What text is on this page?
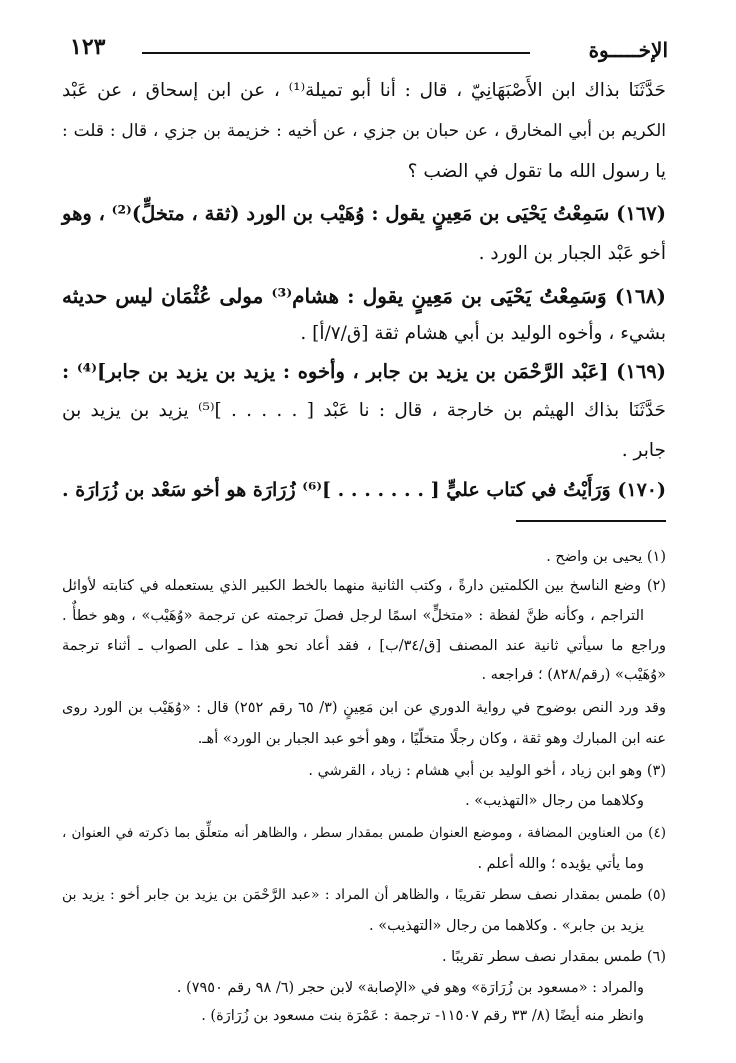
الإخـــــوة
١٢٣
حَدَّثَنَا بذاك ابن الأَصْبَهَانِيّ ، قال : أنا أبو تميلة⁽¹⁾ ، عن ابن إسحاق ، عن عَبْد
الكريم بن أبي المخارق ، عن حبان بن جزي ، عن أخيه : خزيمة بن جزي ، قال : قلت :
يا رسول الله ما تقول في الضب ؟
(١٦٧) سَمِعْتُ يَحْيَى بن مَعِينٍ يقول : وُهَيْب بن الورد (ثقة ، متخلٍّ)⁽²⁾ ، وهو
أخو عَبْد الجبار بن الورد .
(١٦٨) وَسَمِعْتُ يَحْيَى بن مَعِينٍ يقول : هشام⁽³⁾ مولى عُثْمَان ليس حديثه
بشيء ، وأخوه الوليد بن أبي هشام ثقة [ق/٧/أ] .
(١٦٩) [عَبْد الرَّحْمَن بن يزيد بن جابر ، وأخوه : يزيد بن يزيد بن جابر]⁽⁴⁾ :
حَدَّثَنَا بذاك الهيثم بن خارجة ، قال : نا عَبْد [ . . . . . ]⁽⁵⁾ يزيد بن يزيد بن
جابر .
(١٧٠) وَرَأَيْتُ في كتاب عليٍّ [ . . . . . . . ]⁽⁶⁾ زُرَارَة هو أخو سَعْد بن زُرَارَة .
(١) يحيى بن واضح .
(٢) وضع الناسخ بين الكلمتين دارةً ، وكتب الثانية منهما بالخط الكبير الذي يستعمله في كتابته لأوائل
التراجم ، وكأنه ظنَّ لفظة : «متخلٍّ» اسمًا لرجل فصلَ ترجمته عن ترجمة «وُهَيْب» ، وهو خطأٌ .
وراجع ما سيأتي ثانية عند المصنف [ق/٣٤/ب] ، فقد أعاد نحو هذا ـ على الصواب ـ أثناء ترجمة
«وُهَيْب» (رقم/٨٢٨) ؛ فراجعه .
وقد ورد النص بوضوح في رواية الدوري عن ابن مَعِينٍ (٣/ ٦٥ رقم ٢٥٢) قال : «وُهَيْب بن الورد روى
عنه ابن المبارك وهو ثقة ، وكان رجلًا متخلّيًا ، وهو أخو عبد الجبار بن الورد» أهـ.
(٣) وهو ابن زياد ، أخو الوليد بن أبي هشام : زياد ، القرشي .
وكلاهما من رجال «التهذيب» .
(٤) من العناوين المضافة ، وموضع العنوان طمس بمقدار سطر ، والظاهر أنه متعلِّق بما ذكرته في العنوان ،
وما يأتي يؤيده ؛ والله أعلم .
(٥) طمس بمقدار نصف سطر تقريبًا ، والظاهر أن المراد : «عبد الرَّحْمَن بن يزيد بن جابر أخو : يزيد بن
يزيد بن جابر» . وكلاهما من رجال «التهذيب» .
(٦) طمس بمقدار نصف سطر تقريبًا .
والمراد : «مسعود بن زُرَارَة» وهو في «الإصابة» لابن حجر (٦/ ٩٨ رقم ٧٩٥٠) .
وانظر منه أيضًا (٨/ ٣٣ رقم ١١٥٠٧- ترجمة : عَمْرَة بنت مسعود بن زُرَارَة) .
